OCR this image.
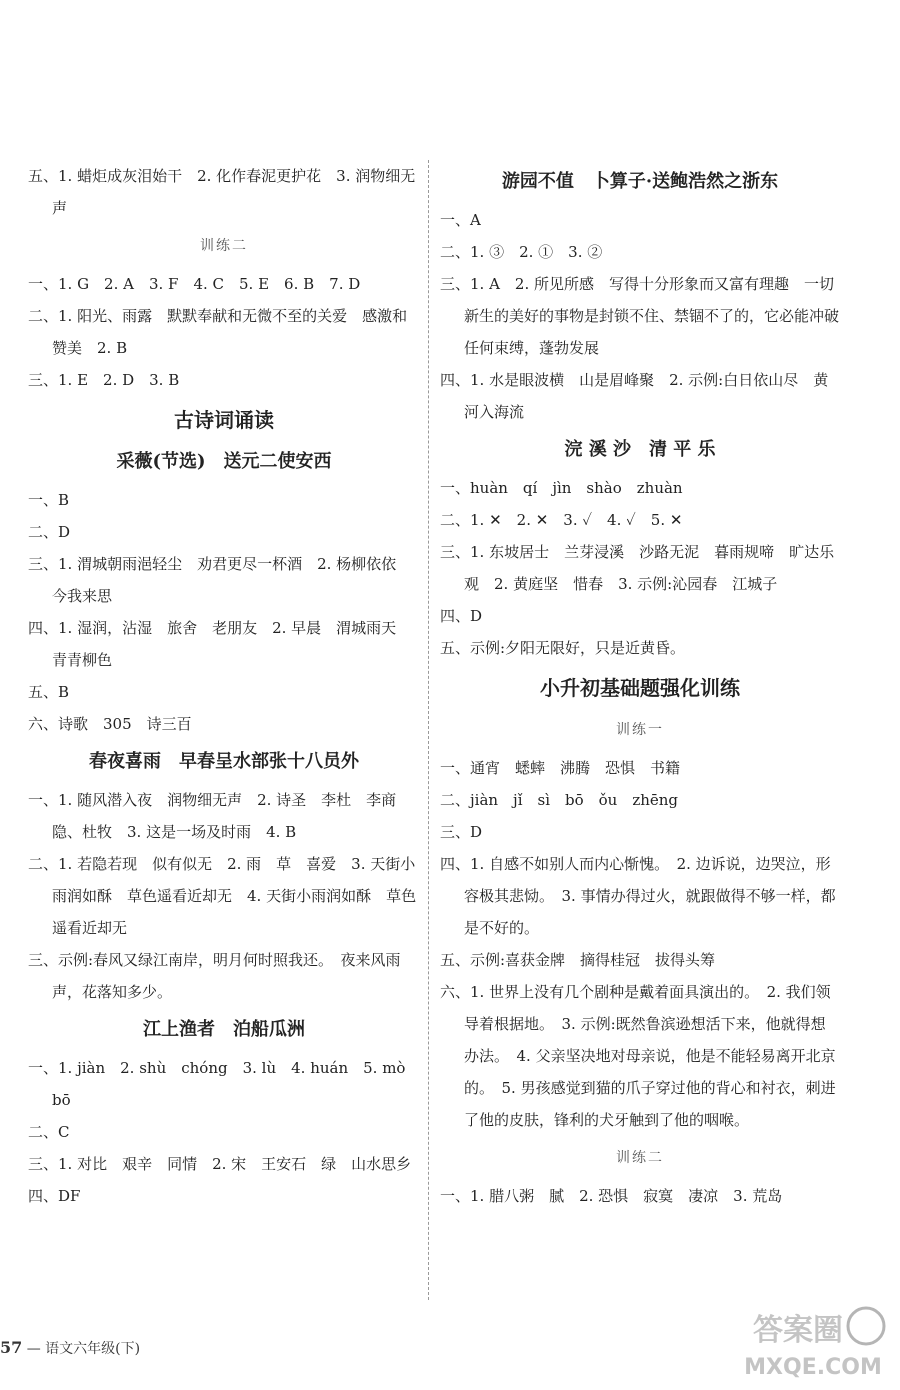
五、1. 蜡炬成灰泪始干　2. 化作春泥更护花　3. 润物细无声
训练二
一、1. G　2. A　3. F　4. C　5. E　6. B　7. D
二、1. 阳光、雨露　默默奉献和无微不至的关爱　感激和赞美　2. B
三、1. E　2. D　3. B
古诗词诵读
采薇(节选)　送元二使安西
一、B
二、D
三、1. 渭城朝雨浥轻尘　劝君更尽一杯酒　2. 杨柳依依　今我来思
四、1. 湿润，沾湿　旅舍　老朋友　2. 早晨　渭城雨天　青青柳色
五、B
六、诗歌　305　诗三百
春夜喜雨　早春呈水部张十八员外
一、1. 随风潜入夜　润物细无声　2. 诗圣　李杜　李商隐、杜牧　3. 这是一场及时雨　4. B
二、1. 若隐若现　似有似无　2. 雨　草　喜爱　3. 天街小雨润如酥　草色遥看近却无　4. 天街小雨润如酥　草色遥看近却无
三、示例:春风又绿江南岸，明月何时照我还。　夜来风雨声，花落知多少。
江上渔者　泊船瓜洲
一、1. jiàn　2. shù　chóng　3. lù　4. huán　5. mò　bō
二、C
三、1. 对比　艰辛　同情　2. 宋　王安石　绿　山水思乡
四、DF
游园不值　卜算子·送鲍浩然之浙东
一、A
二、1. ③　2. ①　3. ②
三、1. A　2. 所见所感　写得十分形象而又富有理趣　一切新生的美好的事物是封锁不住、禁锢不了的，它必能冲破任何束缚，蓬勃发展
四、1. 水是眼波横　山是眉峰聚　2. 示例:白日依山尽　黄河入海流
浣 溪 沙　清 平 乐
一、huàn　qí　jìn　shào　zhuàn
二、1. ✕　2. ✕　3. ✓　4. ✓　5. ✕
三、1. 东坡居士　兰芽浸溪　沙路无泥　暮雨规啼　旷达乐观　2. 黄庭坚　惜春　3. 示例:沁园春　江城子
四、D
五、示例:夕阳无限好，只是近黄昏。
小升初基础题强化训练
训练一
一、通宵　蟋蟀　沸腾　恐惧　书籍
二、jiàn　jǐ　sì　bō　ǒu　zhēng
三、D
四、1. 自感不如别人而内心惭愧。　2. 边诉说，边哭泣，形容极其悲恸。　3. 事情办得过火，就跟做得不够一样，都是不好的。
五、示例:喜获金牌　摘得桂冠　拔得头筹
六、1. 世界上没有几个剧种是戴着面具演出的。　2. 我们领导着根据地。　3. 示例:既然鲁滨逊想活下来，他就得想办法。　4. 父亲坚决地对母亲说，他是不能轻易离开北京的。　5. 男孩感觉到猫的爪子穿过他的背心和衬衣，刺进了他的皮肤，锋利的犬牙触到了他的咽喉。
训练二
一、1. 腊八粥　腻　2. 恐惧　寂寞　凄凉　3. 荒岛
57 — 语文六年级(下)
答案圈
MXQE.COM
